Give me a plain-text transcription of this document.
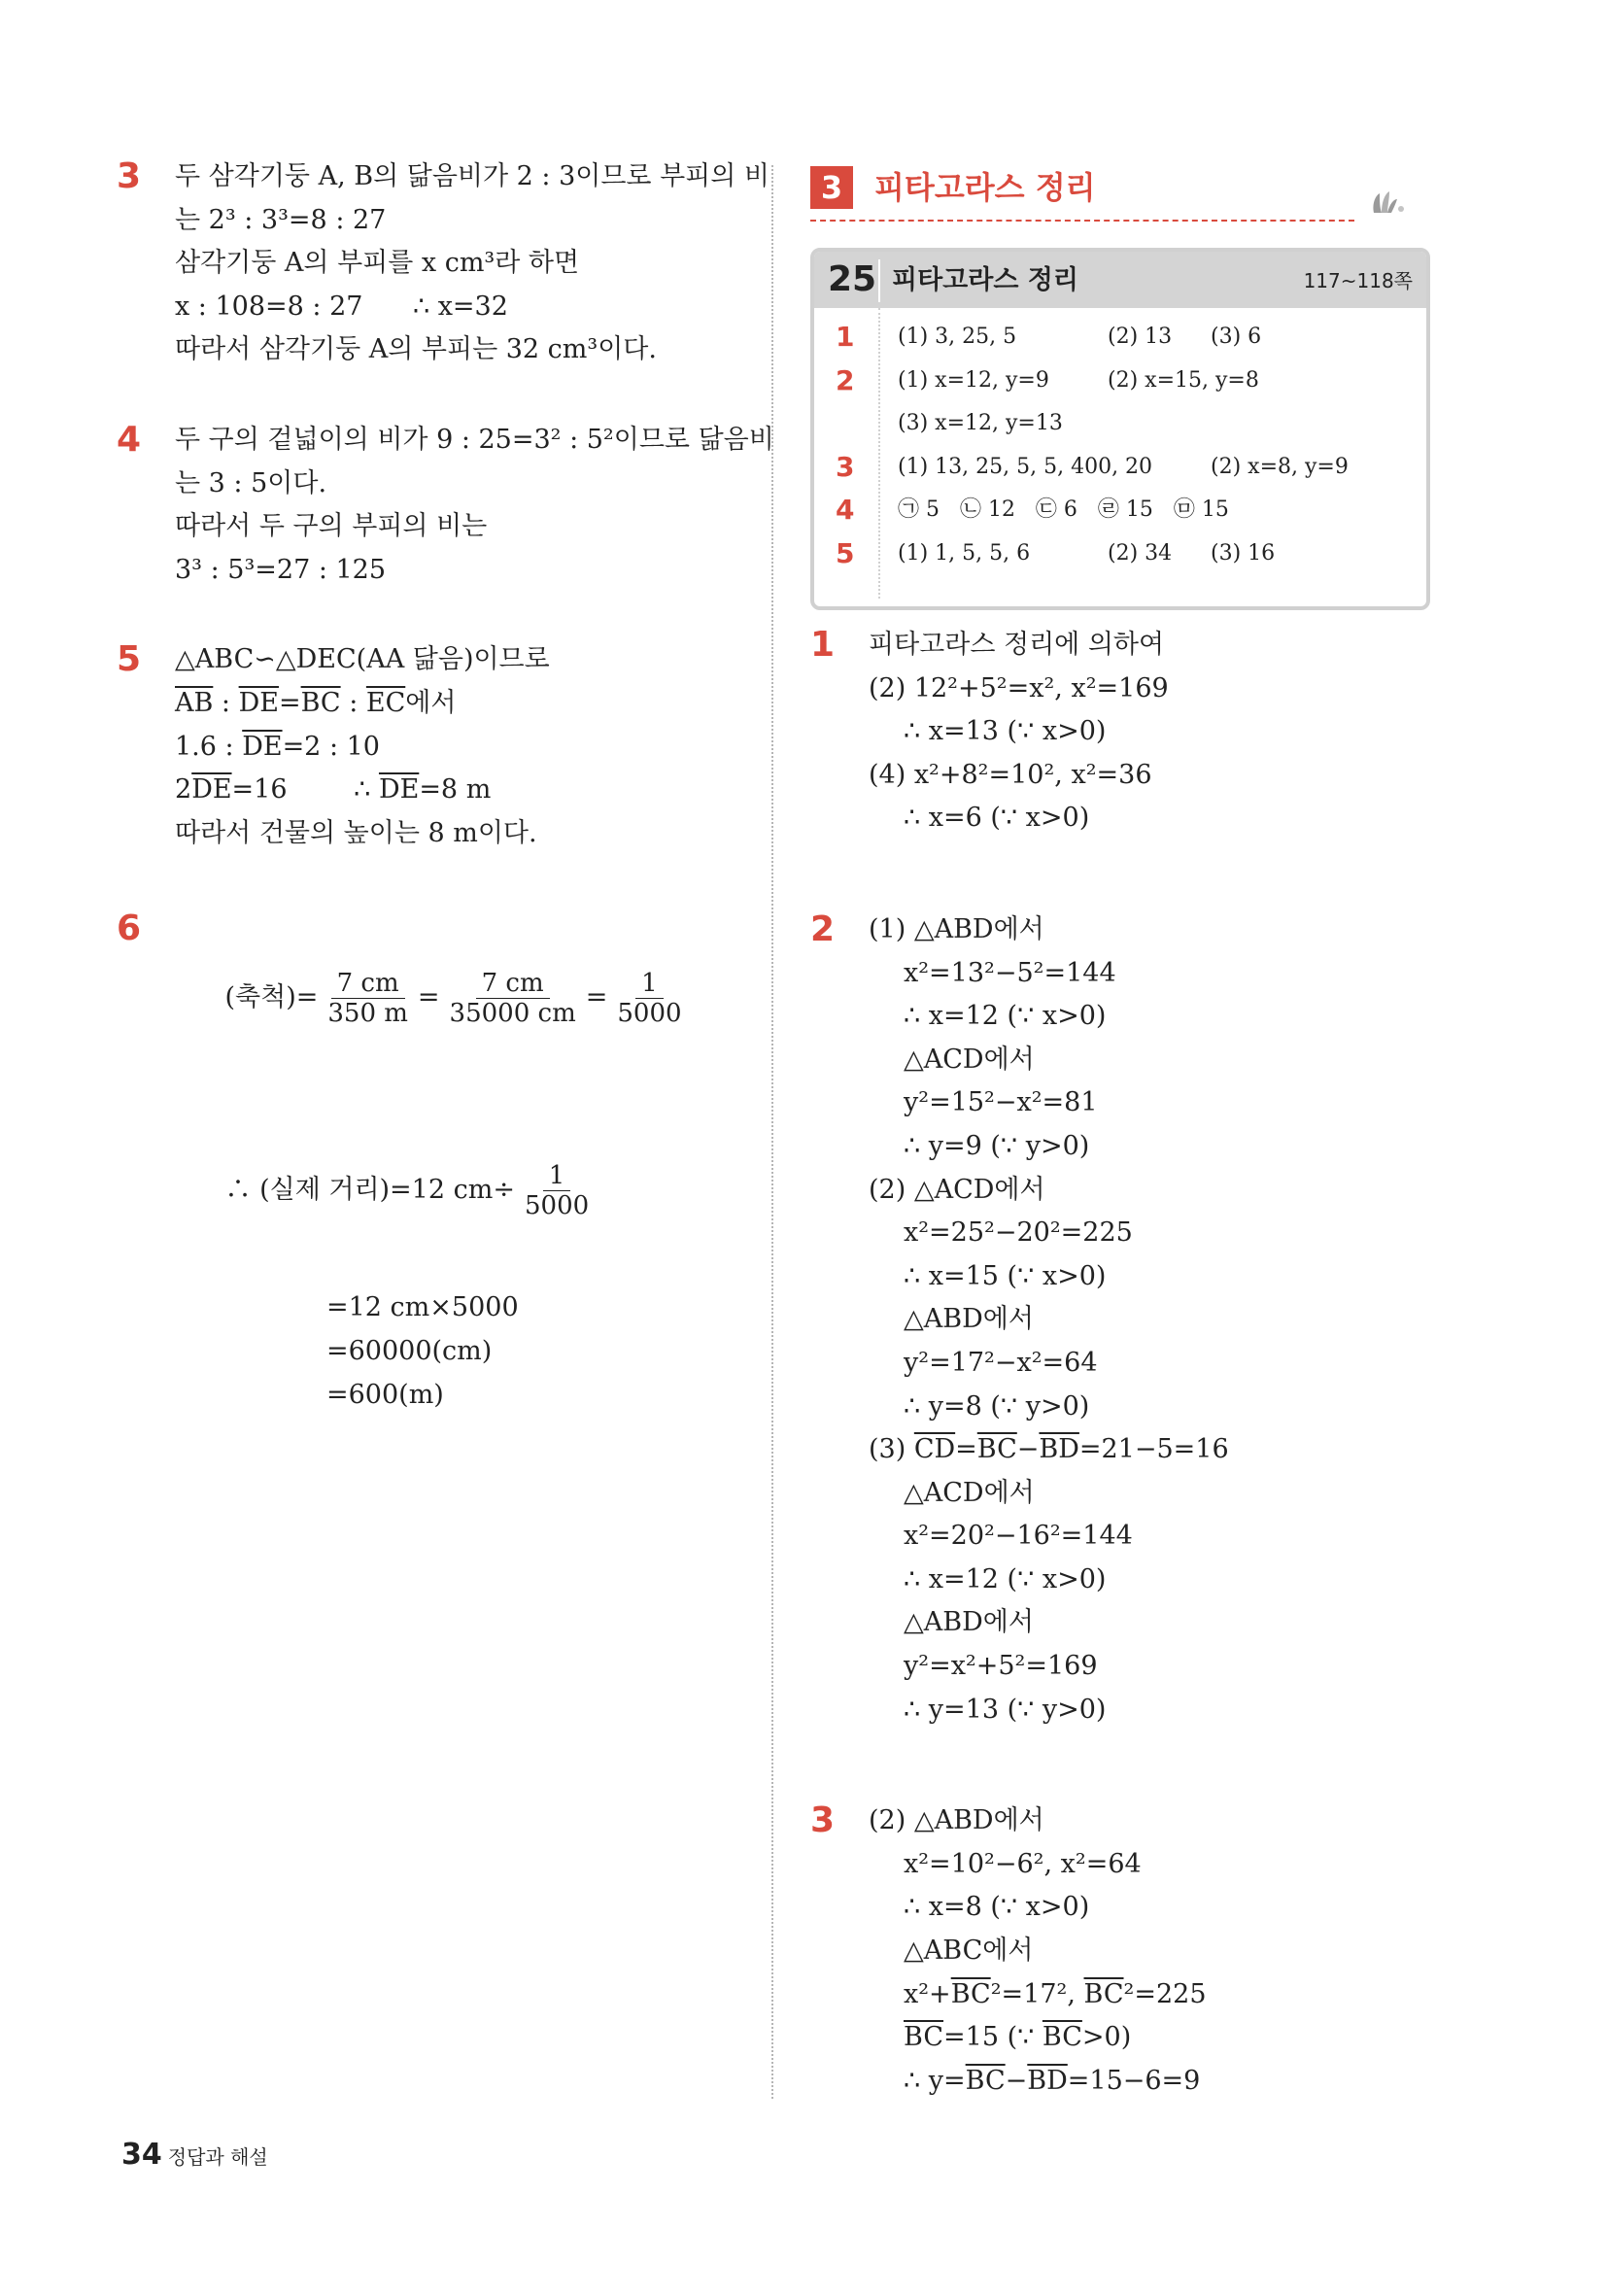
3 두 삼각기둥 A, B의 닮음비가 2 : 3이므로 부피의 비
는 2³ : 3³=8 : 27
삼각기둥 A의 부피를 x cm³라 하면
x : 108=8 : 27      ∴ x=32
따라서 삼각기둥 A의 부피는 32 cm³이다.
4 두 구의 겉넓이의 비가 9 : 25=3² : 5²이므로 닮음비
는 3 : 5이다.
따라서 두 구의 부피의 비는
3³ : 5³=27 : 125
5 △ABC∽△DEC(AA 닮음)이므로
$\overline{AB}$ : $\overline{DE}=\overline{BC}$ : $\overline{EC}$에서
1.6 : $\overline{DE}=2$ : 10
$2\overline{DE}=16$        ∴ $\overline{DE}=8$ m
따라서 건물의 높이는 8 m이다.
6

(축척)= $\frac{7 cm}{350 m} = \frac{7 cm}{35000 cm} = \frac{1}{5000}$

∴ (실제 거리)=12 $cm\div \frac{1}{5000}$

=12 cm×5000
=60000(cm)
=600(m)
3	피타고라스 정리
25 피타고라스 정리	117~118쪽
1 (1) 3, 25, 5	(2) 13 (3) 6
2 (1) x=12, y=9	(2) x=15, y=8
(3) x=12, y=13
3 (1) 13, 25, 5, 5, 400, 20	(2) x=8, y=9
4 ㉠ 5   ㉡ 12   ㉢ 6   ㉣ 15   ㉤ 15
5 (1) 1, 5, 5, 6	(2) 34 (3) 16
1 피타고라스 정리에 의하여
(2) 12²+5²=x², x²=169
∴ x=13 (∵ x>0)
(4) x²+8²=10², x²=36
∴ x=6 (∵ x>0)
2 (1) △ABD에서
x²=13²−5²=144
∴ x=12 (∵ x>0)
△ACD에서
y²=15²−x²=81
∴ y=9 (∵ y>0)
(2) △ACD에서
x²=25²−20²=225
∴ x=15 (∵ x>0)
△ABD에서
y²=17²−x²=64
∴ y=8 (∵ y>0)
(3) $\overline{CD}=\overline{BC}-\overline{BD}=21-5=16$
△ACD에서
x²=20²−16²=144
∴ x=12 (∵ x>0)
△ABD에서
y²=x²+5²=169
∴ y=13 (∵ y>0)
3 (2) △ABD에서
x²=10²−6², x²=64
∴ x=8 (∵ x>0)
△ABC에서
$x^2+\overline{BC}^2=17^2$, $\overline{BC}^2=225$
$\overline{BC}=15$ (∵ $\overline{BC}>0$)
∴ $y=\overline{BC}-\overline{BD}=15-6=9$
34 정답과 해설
